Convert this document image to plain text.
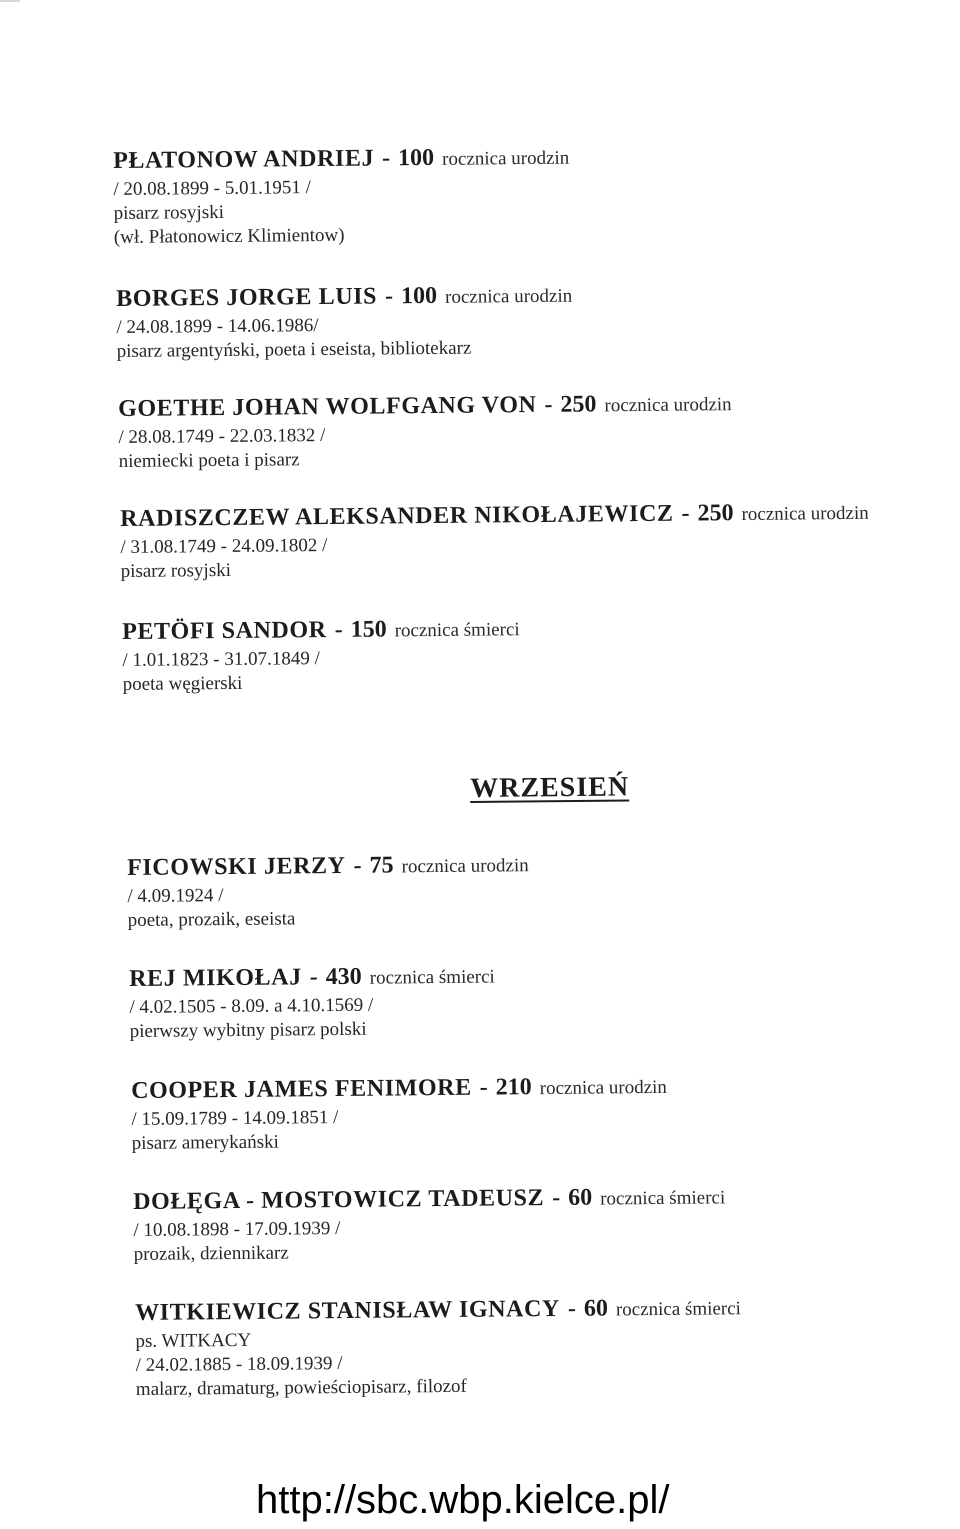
PŁATONOW ANDRIEJ - 100 rocznica urodzin
/ 20.08.1899 - 5.01.1951 /
pisarz rosyjski
(wł. Płatonowicz Klimientow)
BORGES JORGE LUIS - 100 rocznica urodzin
/ 24.08.1899 - 14.06.1986/
pisarz argentyński, poeta i eseista, bibliotekarz
GOETHE JOHAN WOLFGANG VON - 250 rocznica urodzin
/ 28.08.1749 - 22.03.1832 /
niemiecki poeta i pisarz
RADISZCZEW ALEKSANDER NIKOŁAJEWICZ - 250 rocznica urodzin
/ 31.08.1749 - 24.09.1802 /
pisarz rosyjski
PETÖFI SANDOR - 150 rocznica śmierci
/ 1.01.1823 - 31.07.1849 /
poeta węgierski
WRZESIEŃ
FICOWSKI JERZY - 75 rocznica urodzin
/ 4.09.1924 /
poeta, prozaik, eseista
REJ MIKOŁAJ - 430 rocznica śmierci
/ 4.02.1505 - 8.09. a 4.10.1569 /
pierwszy wybitny pisarz polski
COOPER JAMES FENIMORE - 210 rocznica urodzin
/ 15.09.1789 - 14.09.1851 /
pisarz amerykański
DOŁĘGA - MOSTOWICZ TADEUSZ - 60 rocznica śmierci
/ 10.08.1898 - 17.09.1939 /
prozaik, dziennikarz
WITKIEWICZ STANISŁAW IGNACY - 60 rocznica śmierci
ps. WITKACY
/ 24.02.1885 - 18.09.1939 /
malarz, dramaturg, powieściopisarz, filozof
http://sbc.wbp.kielce.pl/
